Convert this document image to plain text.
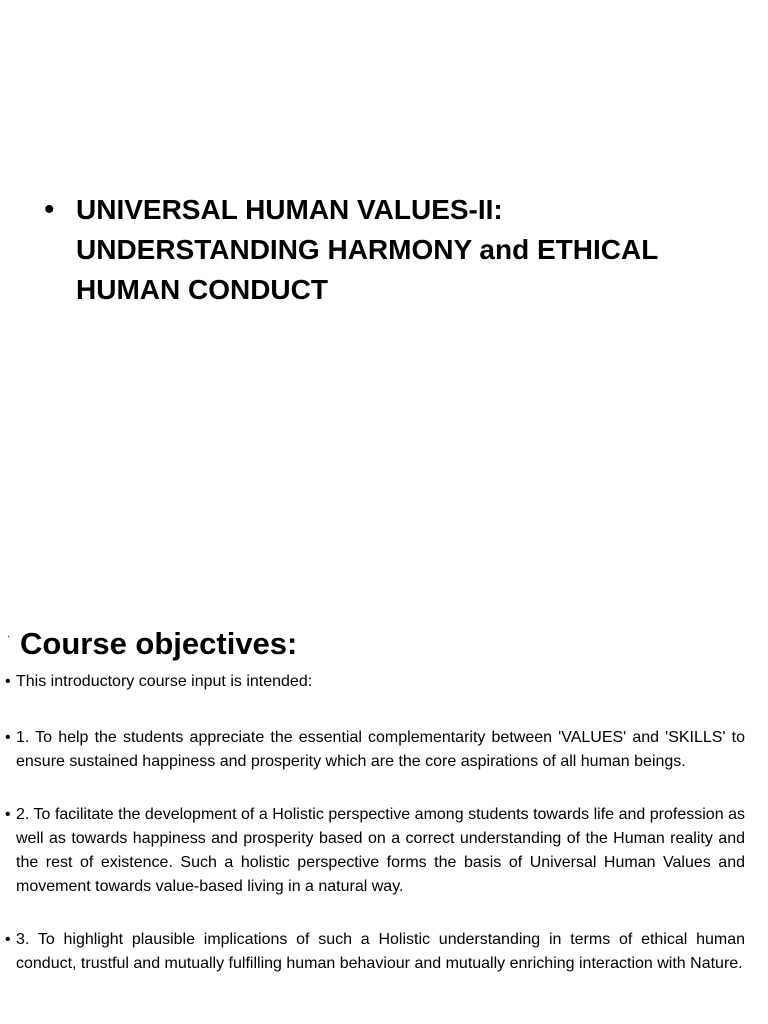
• UNIVERSAL HUMAN VALUES-II:
UNDERSTANDING HARMONY and ETHICAL
HUMAN CONDUCT
· Course objectives:
• This introductory course input is intended:
• 1. To help the students appreciate the essential complementarity between 'VALUES' and 'SKILLS' to ensure sustained happiness and prosperity which are the core aspirations of all human beings.
• 2. To facilitate the development of a Holistic perspective among students towards life and profession as well as towards happiness and prosperity based on a correct understanding of the Human reality and the rest of existence. Such a holistic perspective forms the basis of Universal Human Values and movement towards value-based living in a natural way.
• 3. To highlight plausible implications of such a Holistic understanding in terms of ethical human conduct, trustful and mutually fulfilling human behaviour and mutually enriching interaction with Nature.
